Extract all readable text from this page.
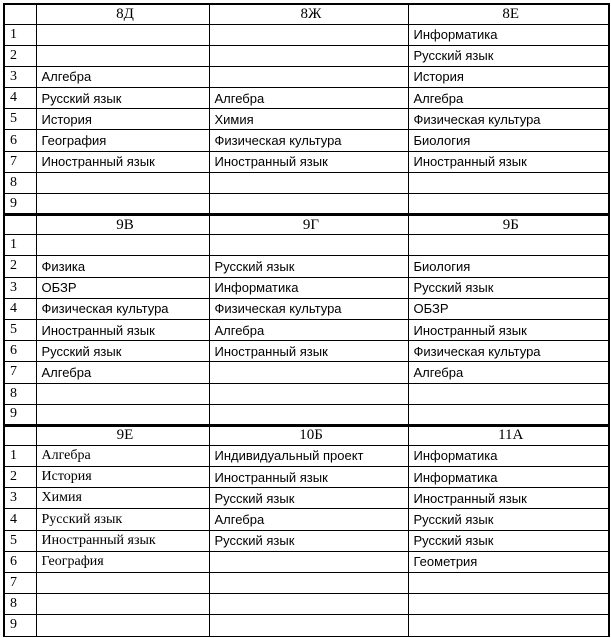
	8Д	8Ж	8Е
1			Информатика
2			Русский язык
3	Алгебра		История
4	Русский язык	Алгебра	Алгебра
5	История	Химия	Физическая культура
6	География	Физическая культура	Биология
7	Иностранный язык	Иностранный язык	Иностранный язык
8			
9			
	9В	9Г	9Б
1			
2	Физика	Русский язык	Биология
3	ОБЗР	Информатика	Русский язык
4	Физическая культура	Физическая культура	ОБЗР
5	Иностранный язык	Алгебра	Иностранный язык
6	Русский язык	Иностранный язык	Физическая культура
7	Алгебра		Алгебра
8			
9			
	9Е	10Б	11А
1	Алгебра	Индивидуальный проект	Информатика
2	История	Иностранный язык	Информатика
3	Химия	Русский язык	Иностранный язык
4	Русский язык	Алгебра	Русский язык
5	Иностранный язык	Русский язык	Русский язык
6	География		Геометрия
7			
8			
9			
